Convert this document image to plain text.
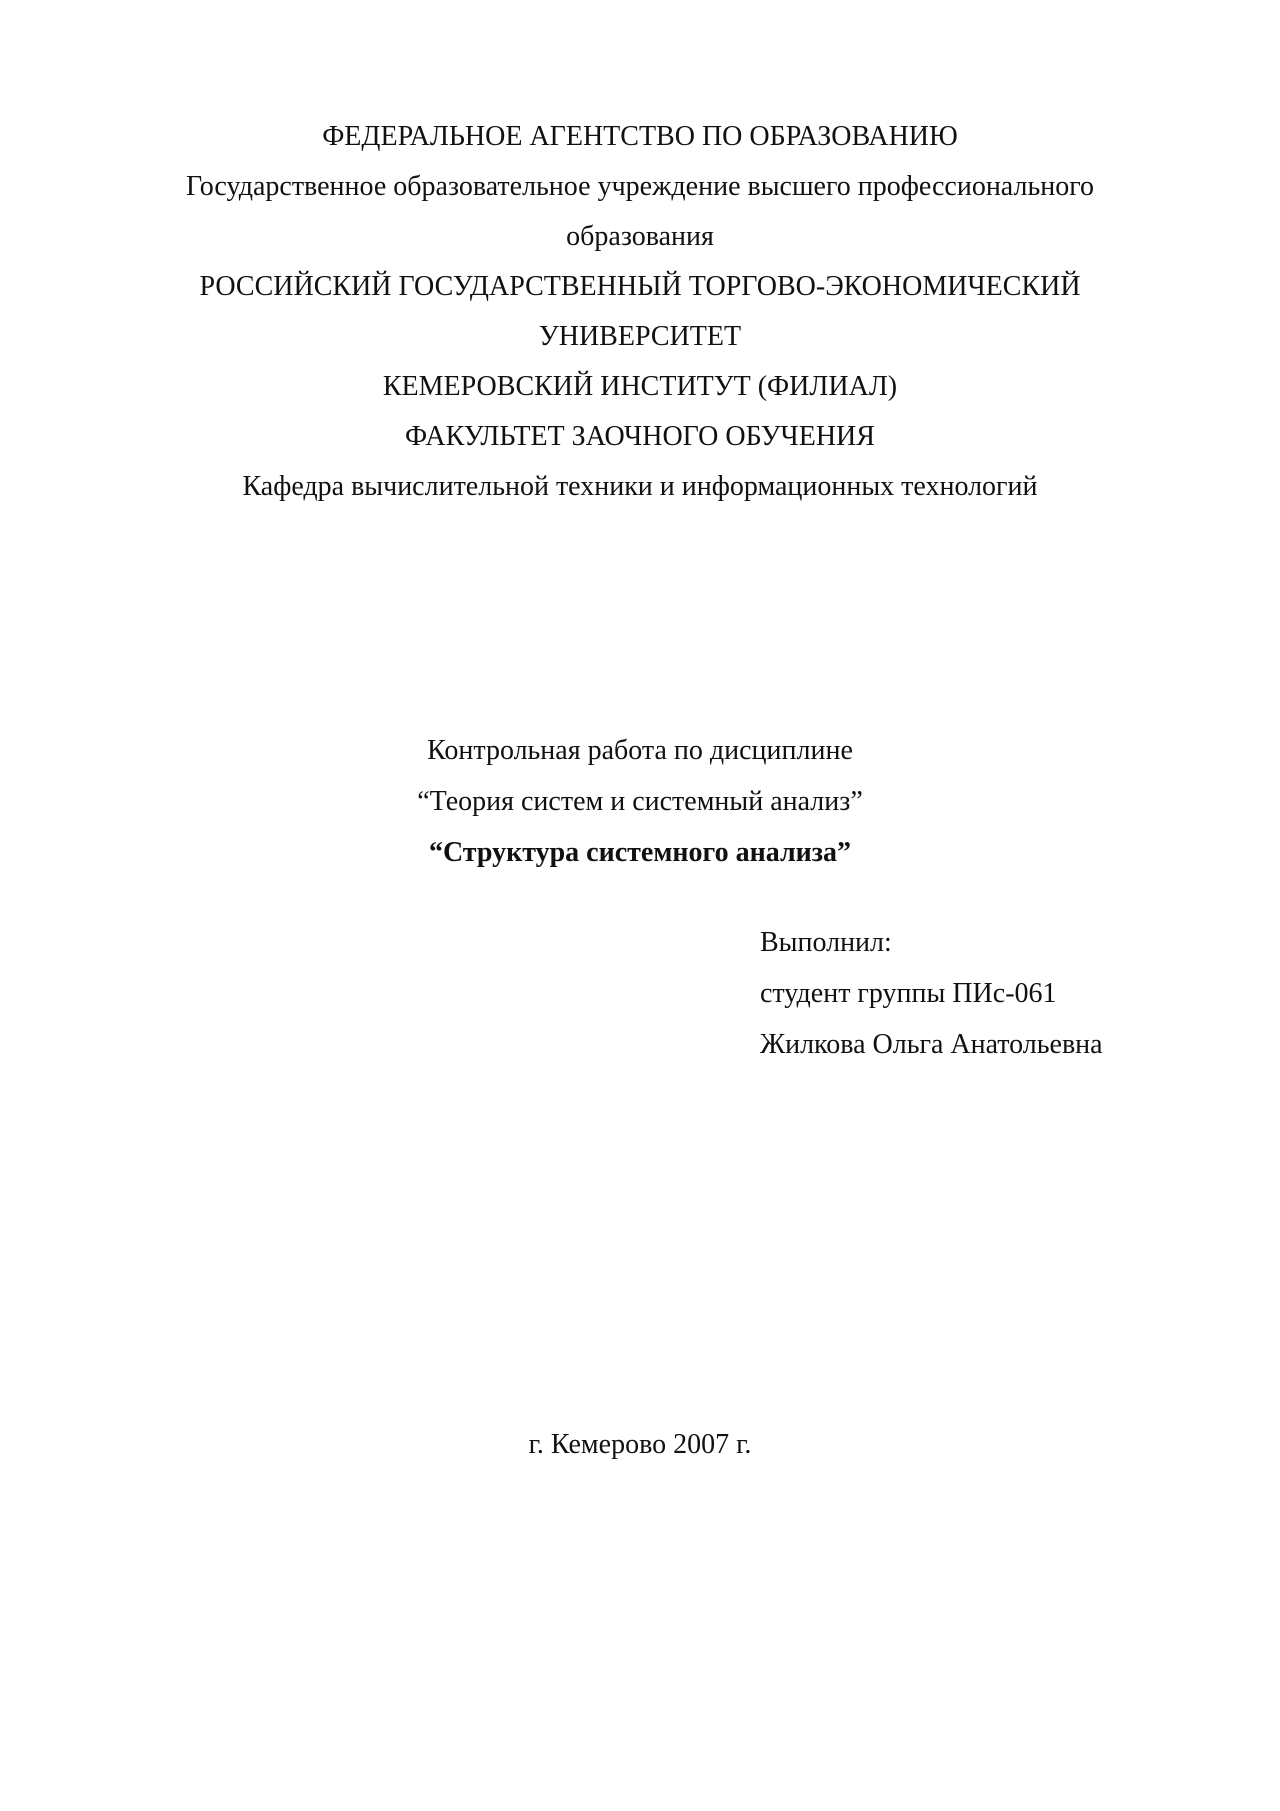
ФЕДЕРАЛЬНОЕ АГЕНТСТВО ПО ОБРАЗОВАНИЮ
Государственное образовательное учреждение высшего профессионального
образования
РОССИЙСКИЙ ГОСУДАРСТВЕННЫЙ ТОРГОВО-ЭКОНОМИЧЕСКИЙ
УНИВЕРСИТЕТ
КЕМЕРОВСКИЙ ИНСТИТУТ (ФИЛИАЛ)
ФАКУЛЬТЕТ ЗАОЧНОГО ОБУЧЕНИЯ
Кафедра вычислительной техники и информационных технологий
Контрольная работа по дисциплине
“Теория систем и системный анализ”
“Структура системного анализа”
Выполнил:
студент группы ПИс-061
Жилкова Ольга Анатольевна
г. Кемерово 2007 г.
